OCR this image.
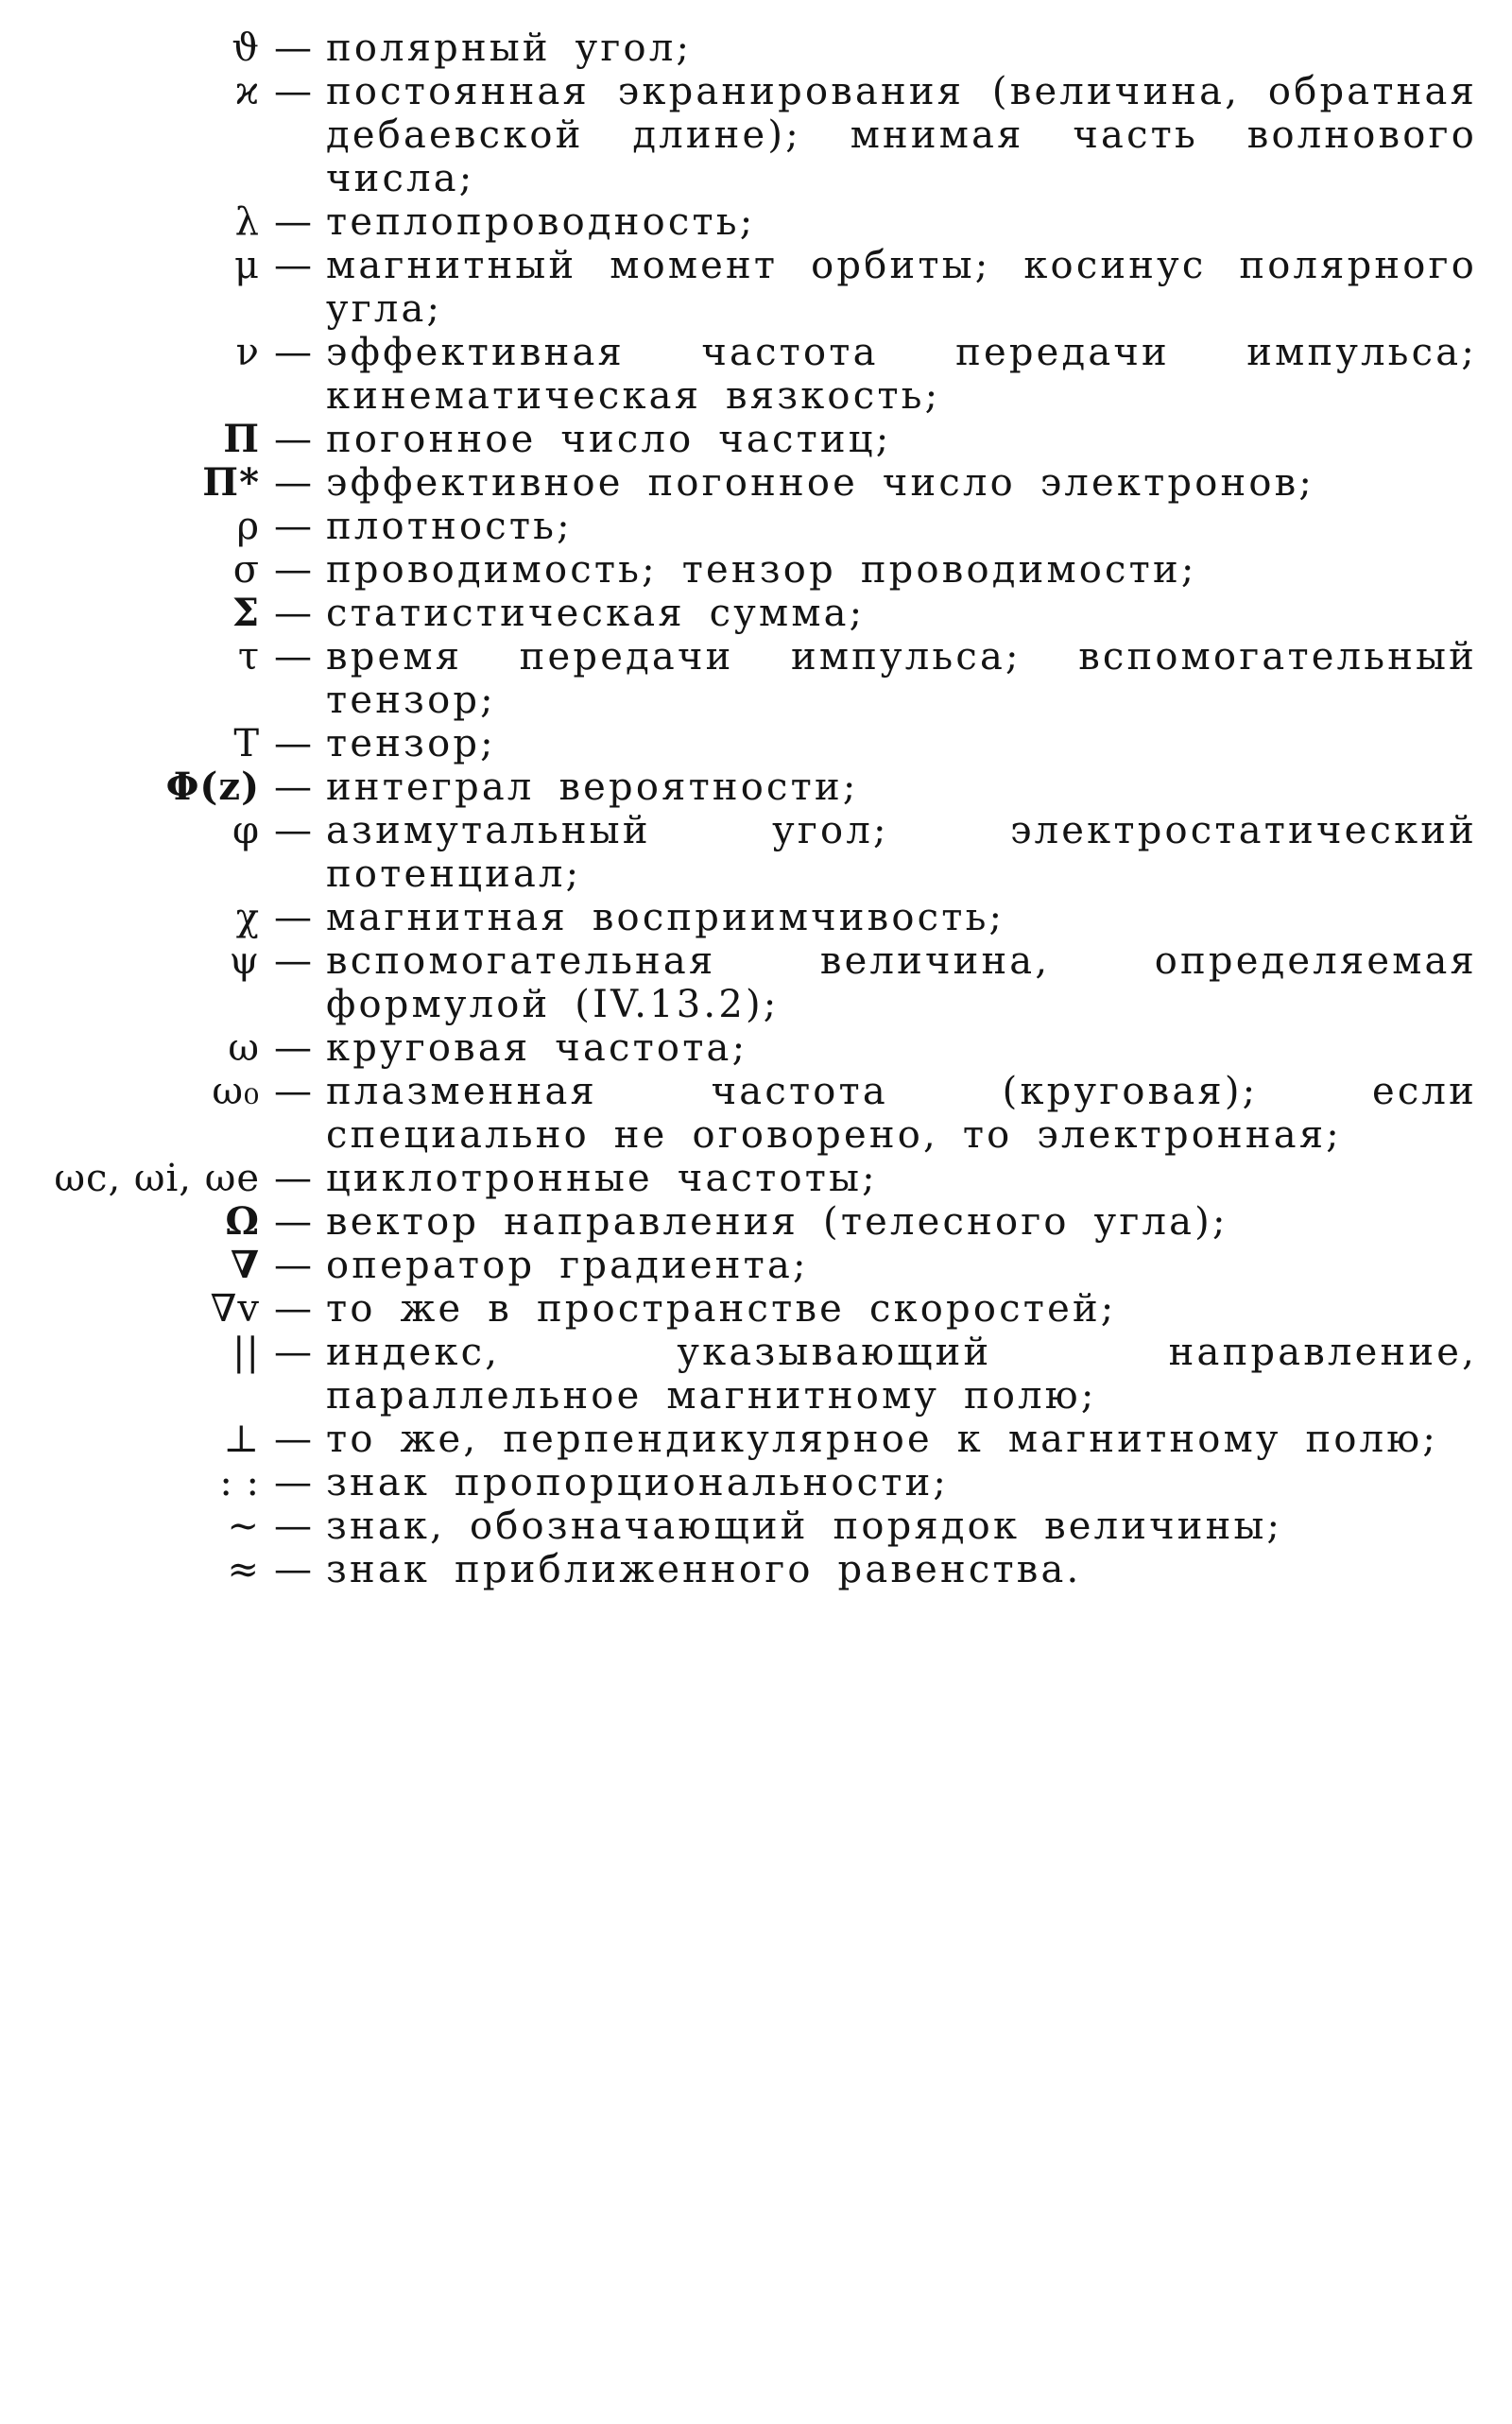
ϑ — полярный угол;
ϰ — постоянная экранирования (величина, обратная дебаевской длине); мнимая часть волнового числа;
λ — теплопроводность;
μ — магнитный момент орбиты; косинус полярного угла;
ν — эффективная частота передачи импульса; кинематическая вязкость;
П — погонное число частиц;
П* — эффективное погонное число электронов;
ρ — плотность;
σ — проводимость; тензор проводимости;
Σ — статистическая сумма;
τ — время передачи импульса; вспомогательный тензор;
Т — тензор;
Φ(z) — интеграл вероятности;
φ — азимутальный угол; электростатический потенциал;
χ — магнитная восприимчивость;
ψ — вспомогательная величина, определяемая формулой (IV.13.2);
ω — круговая частота;
ω₀ — плазменная частота (круговая); если специально не оговорено, то электронная;
ωc, ωi, ωe — циклотронные частоты;
Ω — вектор направления (телесного угла);
∇ — оператор градиента;
∇v — то же в пространстве скоростей;
|| — индекс, указывающий направление, параллельное магнитному полю;
⊥ — то же, перпендикулярное к магнитному полю;
: : — знак пропорциональности;
∼ — знак, обозначающий порядок величины;
≈ — знак приближенного равенства.
